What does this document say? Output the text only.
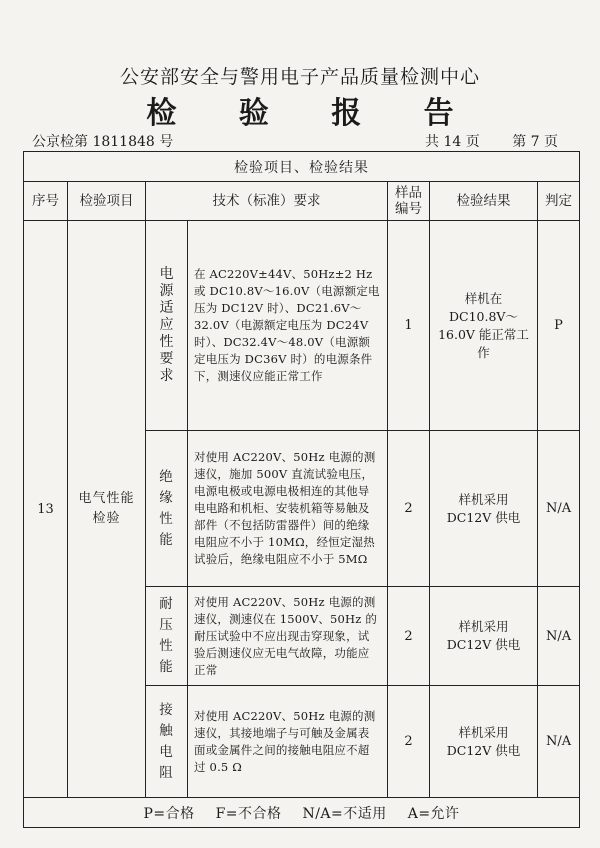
公安部安全与警用电子产品质量检测中心
检 验 报 告
公京检第 1811848 号	共 14 页 第 7 页
检验项目、检验结果						
序号	检验项目	技术（标准）要求		样品编号	检验结果	判定
13	电气性能检验	电源适应性要求	在 AC220V±44V、50Hz±2 Hz 或 DC10.8V～16.0V（电源额定电压为 DC12V 时）、DC21.6V～32.0V（电源额定电压为 DC24V 时）、DC32.4V～48.0V（电源额定电压为 DC36V 时）的电源条件下，测速仪应能正常工作	1	样机在 DC10.8V～16.0V 能正常工作	P

		绝缘性能	对使用 AC220V、50Hz 电源的测速仪，施加 500V 直流试验电压，电源电极或电源电极相连的其他导电电路和机柜、安装机箱等易触及部件（不包括防雷器件）间的绝缘电阻应不小于 10MΩ，经恒定湿热试验后，绝缘电阻应不小于 5MΩ	2	样机采用 DC12V 供电	N/A

		耐压性能	对使用 AC220V、50Hz 电源的测速仪，测速仪在 1500V、50Hz 的耐压试验中不应出现击穿现象，试验后测速仪应无电气故障，功能应正常	2	样机采用 DC12V 供电	N/A

		接触电阻	对使用 AC220V、50Hz 电源的测速仪，其接地端子与可触及金属表面或金属件之间的接触电阻应不超过 0.5 Ω	2	样机采用 DC12V 供电	N/A
P=合格 F=不合格 N/A=不适用 A=允许						
